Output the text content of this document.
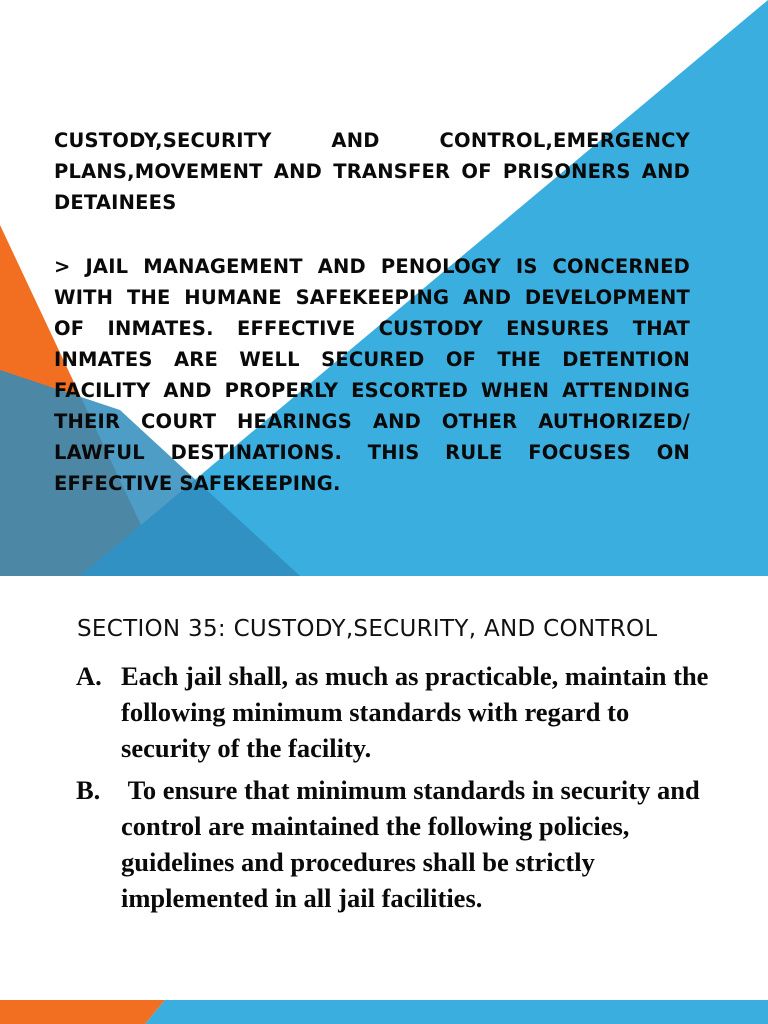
CUSTODY,SECURITY AND CONTROL,EMERGENCY PLANS,MOVEMENT AND TRANSFER OF PRISONERS AND DETAINEES

> JAIL MANAGEMENT AND PENOLOGY IS CONCERNED WITH THE HUMANE SAFEKEEPING AND DEVELOPMENT OF INMATES. EFFECTIVE CUSTODY ENSURES THAT INMATES ARE WELL SECURED OF THE DETENTION FACILITY AND PROPERLY ESCORTED WHEN ATTENDING THEIR COURT HEARINGS AND OTHER AUTHORIZED/ LAWFUL DESTINATIONS. THIS RULE FOCUSES ON EFFECTIVE SAFEKEEPING.

SECTION 35: CUSTODY,SECURITY, AND CONTROL

A. Each jail shall, as much as practicable, maintain the following minimum standards with regard to security of the facility.
B. To ensure that minimum standards in security and control are maintained the following policies, guidelines and procedures shall be strictly implemented in all jail facilities.
